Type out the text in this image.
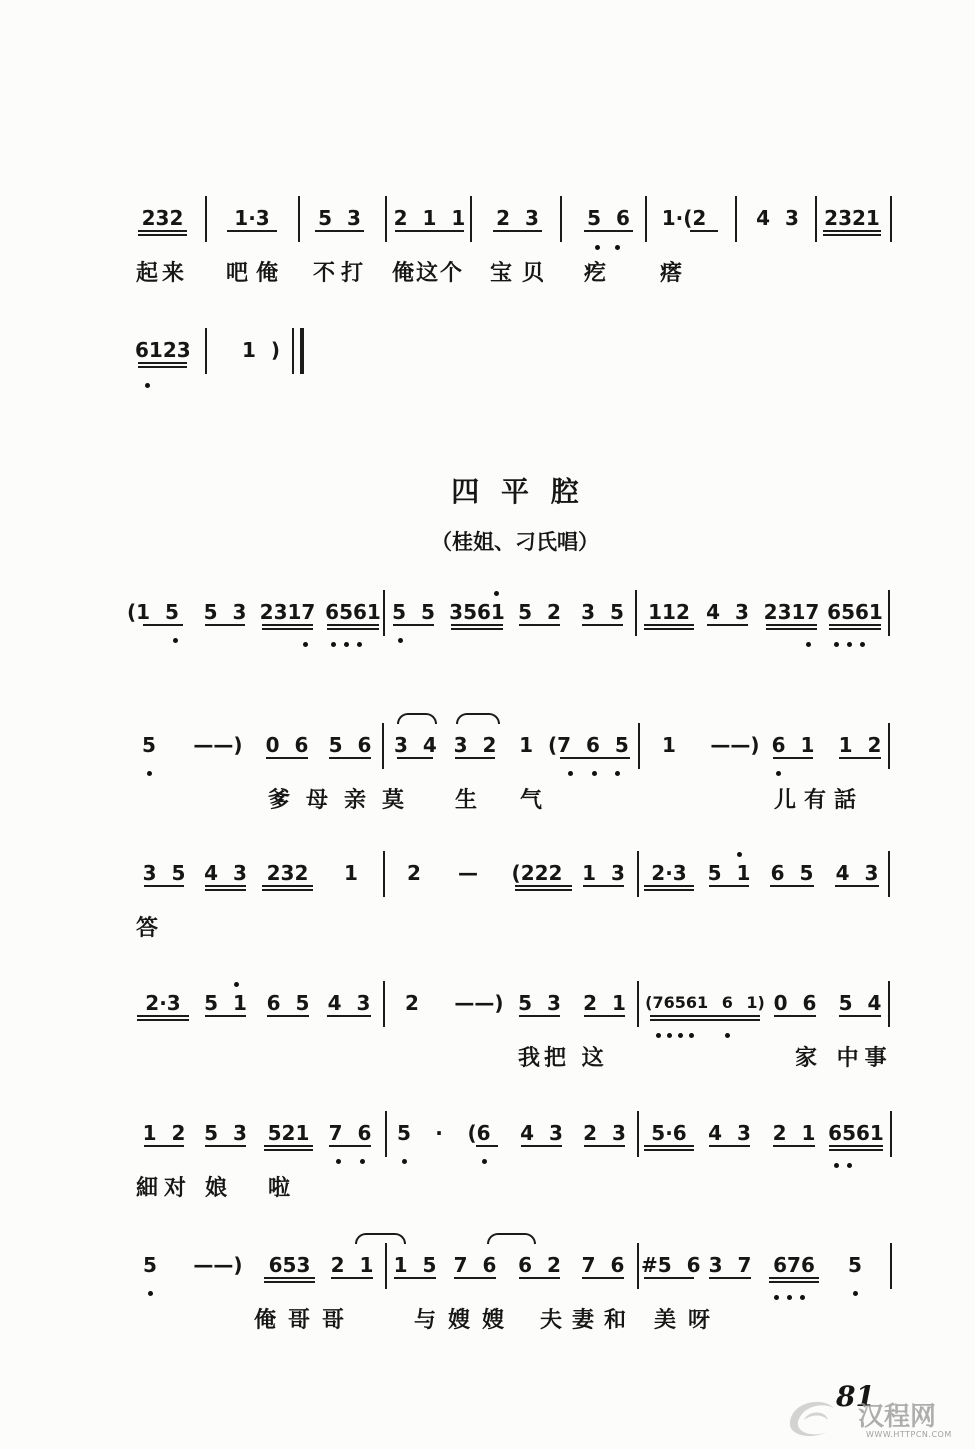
四 平 腔
（桂姐、刁氏唱）
81
汉程网
WWW.HTTPCN.COM
232	1·3	5 3	2 1 1	2 3	5 6	1·(2	4 3	2321
起来 吧俺 不打 俺这个 宝贝 疙 瘩
6123	1 )
(1 5	5 3 2317 6561 5 5 3561 5 2 3 5	112 4 3 2317 6561
5	——)	0 6 5 6 3 4 3 2 1 (7 6 5 1	——) 6 1 1 2
爹母亲莫 生 气	儿有話
3 5 4 3 232	1 2	—	(222 1 3	2·3	5 1 6 5 4 3
答
2·3	5 1 6 5 4 3 2	——) 5 3 2 1	(76561 6 1) 0 6 5 4
我把 这	家 中事
1 2 5 3	521 7 6 5	·	(6	4 3 2 3	5·6	4 3 2 1 6561
細对 娘 啦
5	——)	653	2 1 1 5 7 6 6 2 7 6 #5 6 3 7	676	5
俺哥哥	与嫂嫂 夫妻和 美呀
